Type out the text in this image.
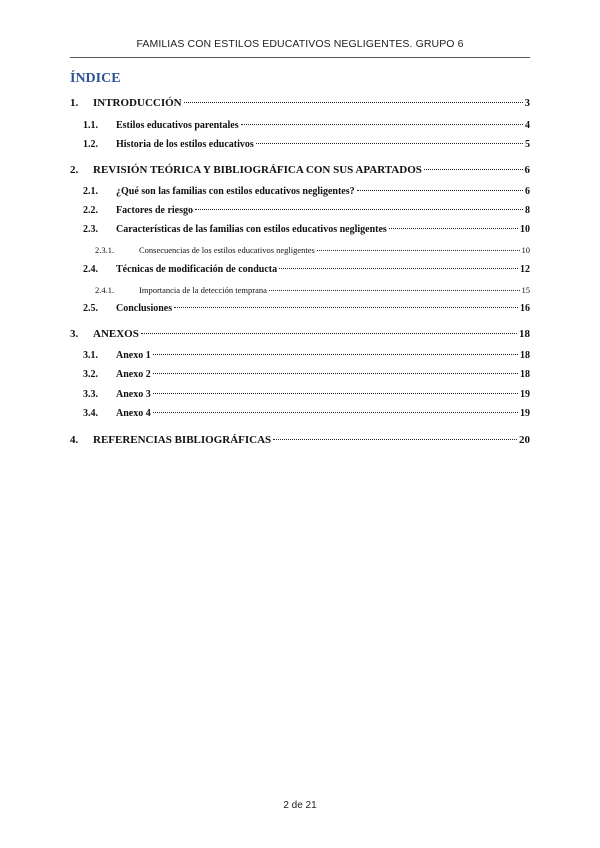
FAMILIAS CON ESTILOS EDUCATIVOS NEGLIGENTES. GRUPO 6
ÍNDICE
1.	INTRODUCCIÓN	3
1.1.	Estilos educativos parentales	4
1.2.	Historia de los estilos educativos	5
2.	REVISIÓN TEÓRICA Y BIBLIOGRÁFICA CON SUS APARTADOS	6
2.1.	¿Qué son las familias con estilos educativos negligentes?	6
2.2.	Factores de riesgo	8
2.3.	Características de las familias con estilos educativos negligentes	10
2.3.1.	Consecuencias de los estilos educativos negligentes	10
2.4.	Técnicas de modificación de conducta	12
2.4.1.	Importancia de la detección temprana	15
2.5.	Conclusiones	16
3.	ANEXOS	18
3.1.	Anexo 1	18
3.2.	Anexo 2	18
3.3.	Anexo 3	19
3.4.	Anexo 4	19
4.	REFERENCIAS BIBLIOGRÁFICAS	20
2 de 21
